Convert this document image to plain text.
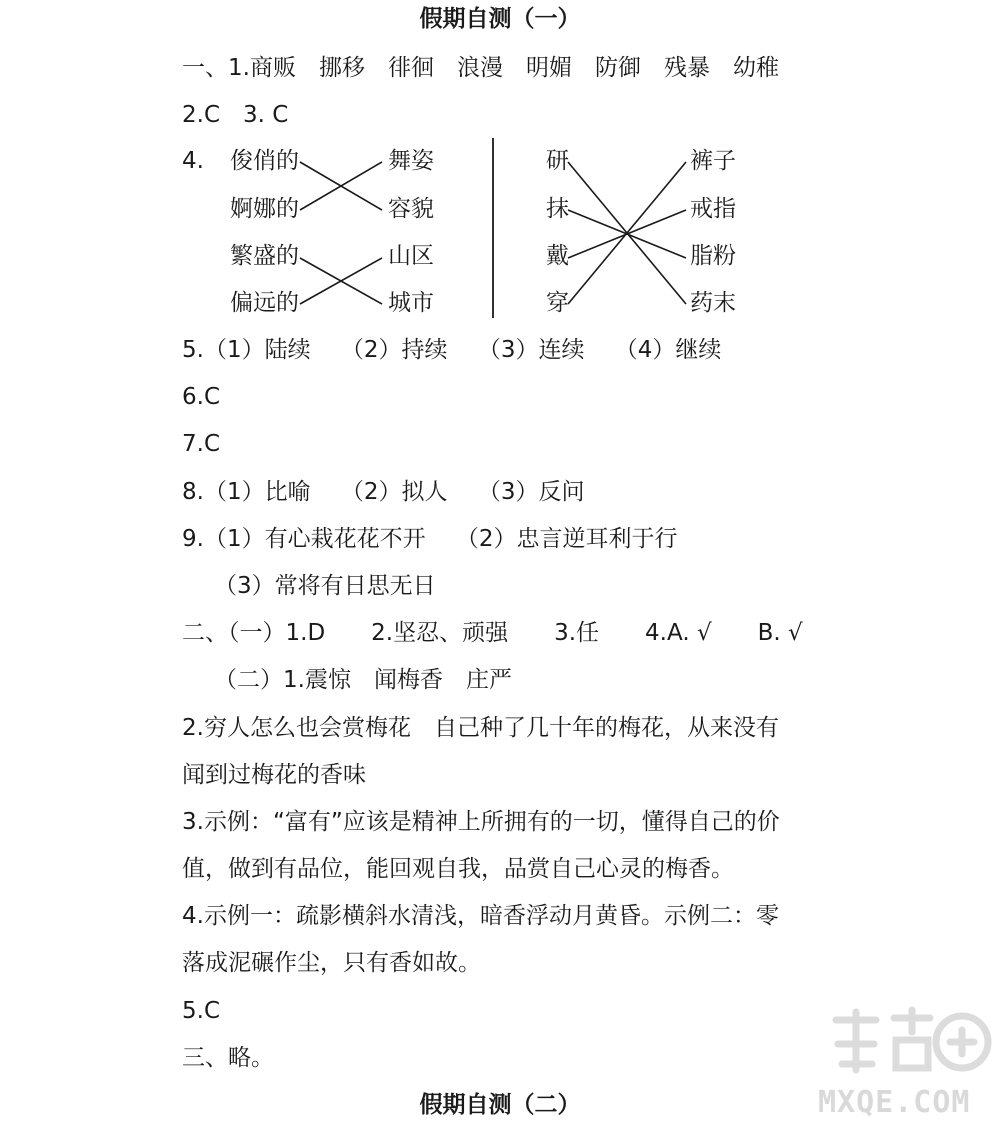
假期自测（一）
一、1.商贩　挪移　徘徊　浪漫　明媚　防御　残暴　幼稚
2.C　3. C
4. 俊俏的
婀娜的
繁盛的
偏远的
舞姿
容貌
山区
城市
研
抹
戴
穿
裤子
戒指
脂粉
药末
5.（1）陆续　 （2）持续　 （3）连续　 （4）继续
6.C
7.C
8.（1）比喻　 （2）拟人　 （3）反问
9.（1）有心栽花花不开　 （2）忠言逆耳利于行
（3）常将有日思无日
二、（一）1.D　　2.坚忍、顽强　　3.任　　4.A. √　　B. √
（二）1.震惊　闻梅香　庄严
2.穷人怎么也会赏梅花　自己种了几十年的梅花，从来没有
闻到过梅花的香味
3.示例：“富有”应该是精神上所拥有的一切，懂得自己的价
值，做到有品位，能回观自我，品赏自己心灵的梅香。
4.示例一：疏影横斜水清浅，暗香浮动月黄昏。示例二：零
落成泥碾作尘，只有香如故。
5.C
三、略。
假期自测（二）	MXQE.COM
